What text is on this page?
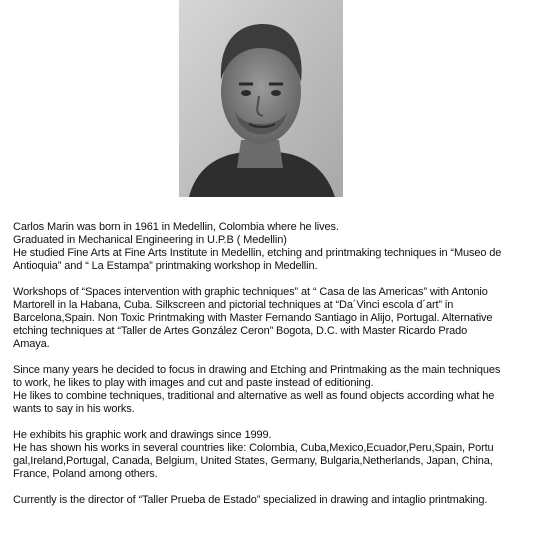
Carlos Marin was born in 1961 in Medellin, Colombia where he lives.
Graduated in Mechanical Engineering in U.P.B ( Medellin)
He studied Fine Arts at Fine Arts Institute in Medellin, etching and printmaking techniques in “Museo de
Antioquia” and “ La Estampa” printmaking workshop in Medellin.

Workshops of “Spaces intervention with graphic techniques” at “ Casa de las Americas” with Antonio
Martorell in la Habana, Cuba. Silkscreen and pictorial techniques at “Da´Vinci escola d´art” in
Barcelona,Spain. Non Toxic Printmaking with Master Fernando Santiago in Alijo, Portugal. Alternative
etching techniques at “Taller de Artes González Ceron” Bogota, D.C. with Master Ricardo Prado
Amaya.

Since many years he decided to focus in drawing and Etching and Printmaking as the main techniques
to work, he likes to play with images and cut and paste instead of editioning.
He likes to combine techniques, traditional and alternative as well as found objects according what he
wants to say in his works.

He exhibits his graphic work and drawings since 1999.
He has shown his works in several countries like: Colombia, Cuba,Mexico,Ecuador,Peru,Spain, Portu
gal,Ireland,Portugal, Canada, Belgium, United States, Germany, Bulgaria,Netherlands, Japan, China,
France, Poland among others.

Currently is the director of “Taller Prueba de Estado” specialized in drawing and intaglio printmaking.
